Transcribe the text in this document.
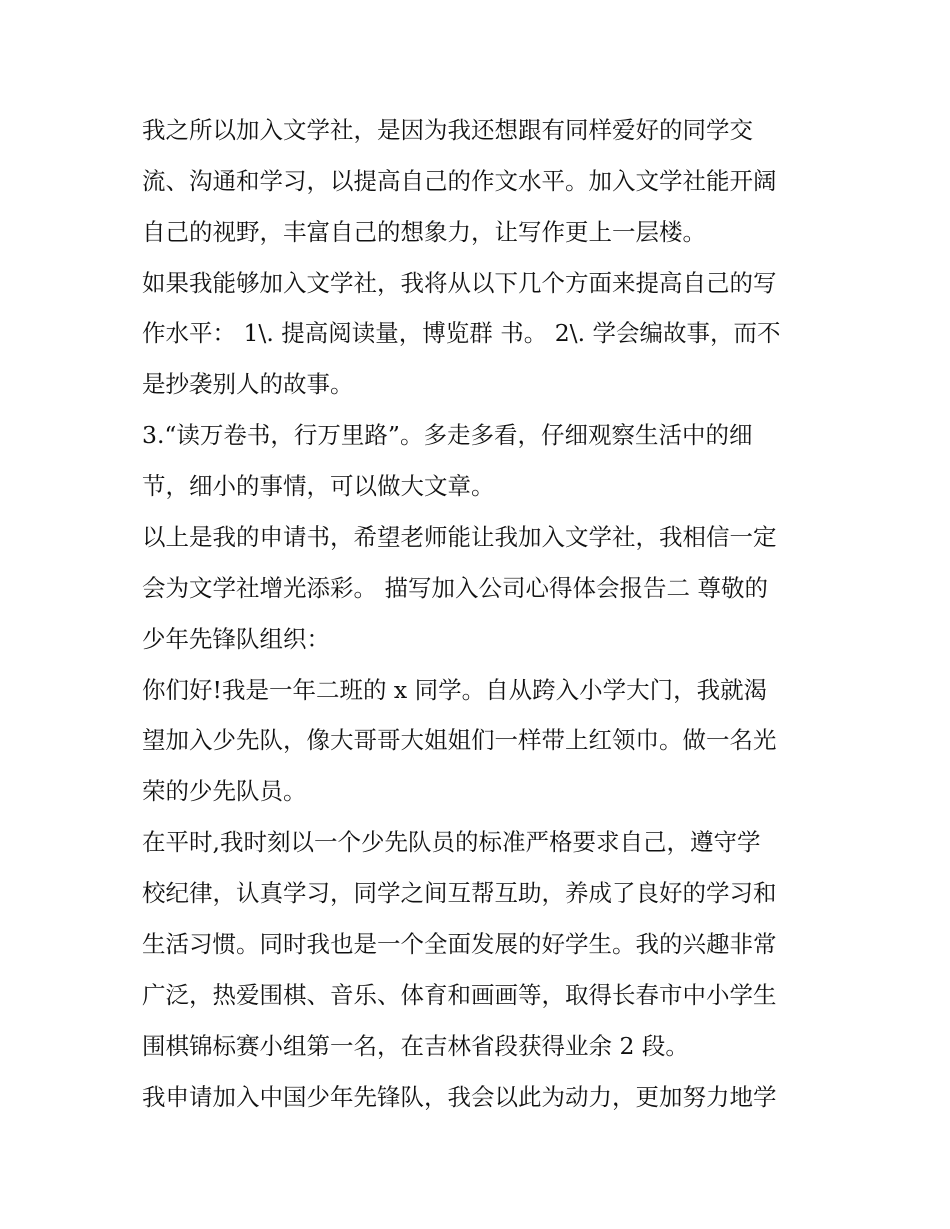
我之所以加入文学社，是因为我还想跟有同样爱好的同学交
流、沟通和学习，以提高自己的作文水平。加入文学社能开阔
自己的视野，丰富自己的想象力，让写作更上一层楼。
如果我能够加入文学社，我将从以下几个方面来提高自己的写
作水平： 1\. 提高阅读量，博览群 书。 2\. 学会编故事，而不
是抄袭别人的故事。
3.“读万卷书，行万里路”。多走多看，仔细观察生活中的细
节，细小的事情，可以做大文章。
以上是我的申请书，希望老师能让我加入文学社，我相信一定
会为文学社增光添彩。 描写加入公司心得体会报告二 尊敬的
少年先锋队组织：
你们好!我是一年二班的 x 同学。自从跨入小学大门，我就渴
望加入少先队，像大哥哥大姐姐们一样带上红领巾。做一名光
荣的少先队员。
在平时,我时刻以一个少先队员的标准严格要求自己，遵守学
校纪律，认真学习，同学之间互帮互助，养成了良好的学习和
生活习惯。同时我也是一个全面发展的好学生。我的兴趣非常
广泛，热爱围棋、音乐、体育和画画等，取得长春市中小学生
围棋锦标赛小组第一名，在吉林省段获得业余 2 段。
我申请加入中国少年先锋队，我会以此为动力，更加努力地学
